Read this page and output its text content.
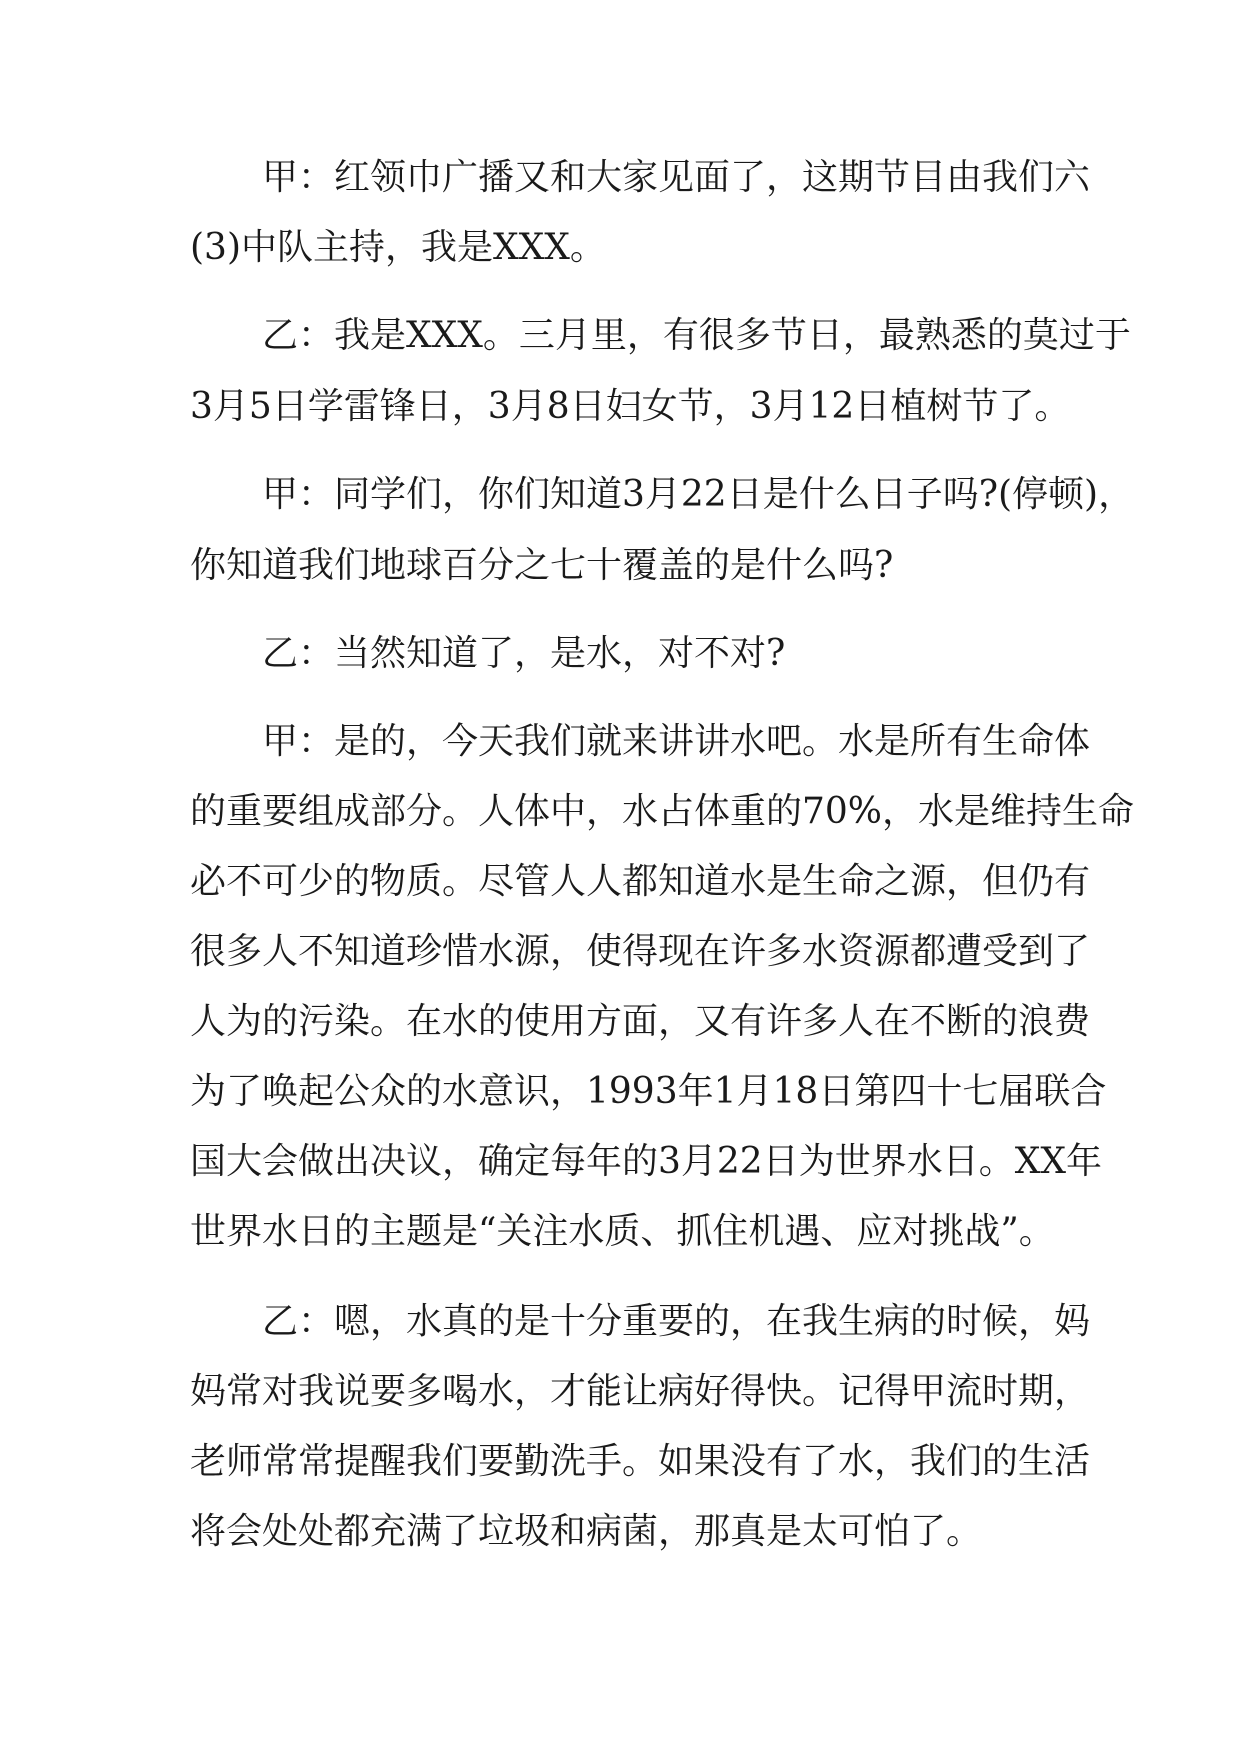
甲：红领巾广播又和大家见面了，这期节目由我们六

(3)中队主持，我是XXX。

乙：我是XXX。三月里，有很多节日，最熟悉的莫过于

3月5日学雷锋日，3月8日妇女节，3月12日植树节了。

甲：同学们，你们知道3月22日是什么日子吗?(停顿)，

你知道我们地球百分之七十覆盖的是什么吗?

乙：当然知道了，是水，对不对?

甲：是的，今天我们就来讲讲水吧。水是所有生命体

的重要组成部分。人体中，水占体重的70%，水是维持生命

必不可少的物质。尽管人人都知道水是生命之源，但仍有

很多人不知道珍惜水源，使得现在许多水资源都遭受到了

人为的污染。在水的使用方面，又有许多人在不断的浪费

为了唤起公众的水意识，1993年1月18日第四十七届联合

国大会做出决议，确定每年的3月22日为世界水日。XX年

世界水日的主题是“关注水质、抓住机遇、应对挑战”。

乙：嗯，水真的是十分重要的，在我生病的时候，妈

妈常对我说要多喝水，才能让病好得快。记得甲流时期，

老师常常提醒我们要勤洗手。如果没有了水，我们的生活

将会处处都充满了垃圾和病菌，那真是太可怕了。
